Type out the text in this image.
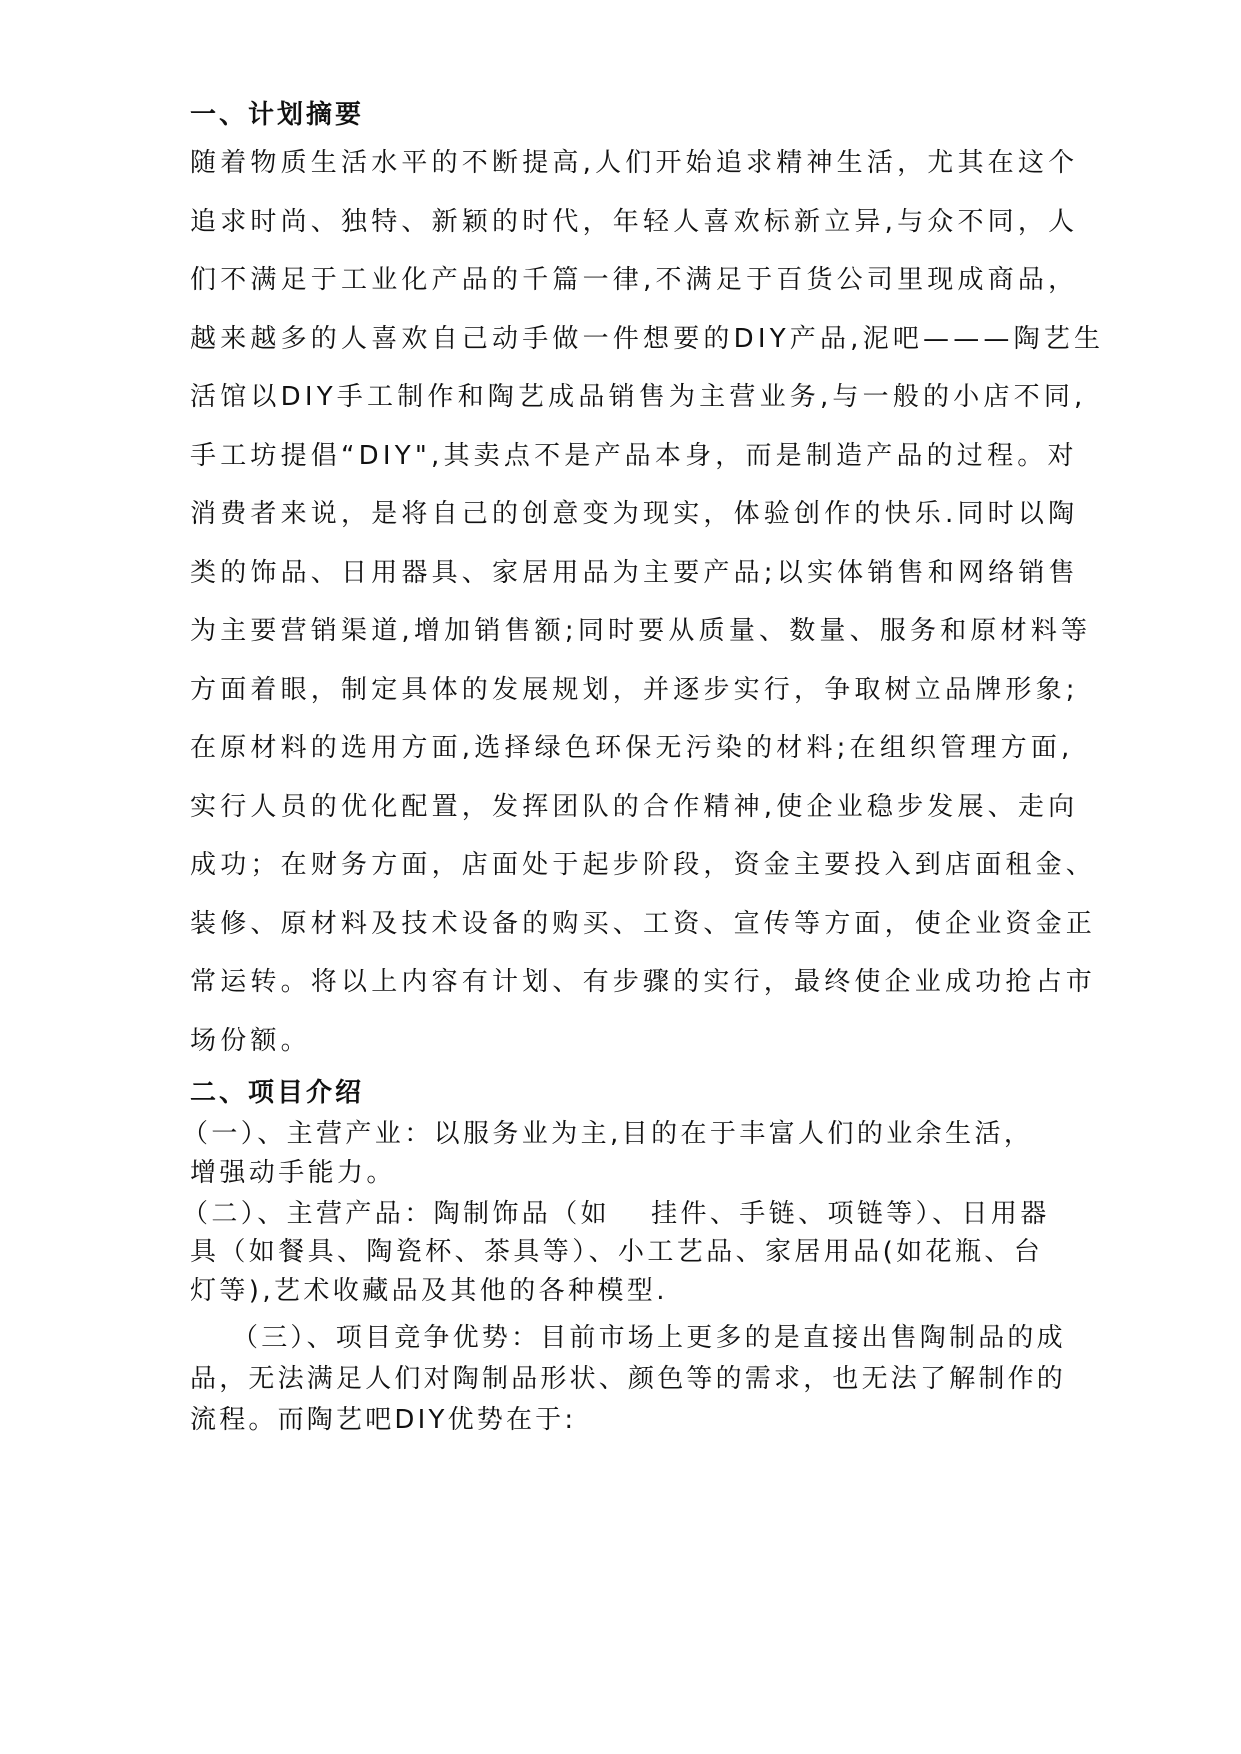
一、计划摘要
随着物质生活水平的不断提高,人们开始追求精神生活，尤其在这个
追求时尚、独特、新颖的时代，年轻人喜欢标新立异,与众不同，人
们不满足于工业化产品的千篇一律,不满足于百货公司里现成商品，
越来越多的人喜欢自己动手做一件想要的DIY产品,泥吧———陶艺生
活馆以DIY手工制作和陶艺成品销售为主营业务,与一般的小店不同,
手工坊提倡“DIY",其卖点不是产品本身，而是制造产品的过程。对
消费者来说，是将自己的创意变为现实，体验创作的快乐.同时以陶
类的饰品、日用器具、家居用品为主要产品;以实体销售和网络销售
为主要营销渠道,增加销售额;同时要从质量、数量、服务和原材料等
方面着眼，制定具体的发展规划，并逐步实行，争取树立品牌形象;
在原材料的选用方面,选择绿色环保无污染的材料;在组织管理方面,
实行人员的优化配置，发挥团队的合作精神,使企业稳步发展、走向
成功；在财务方面，店面处于起步阶段，资金主要投入到店面租金、
装修、原材料及技术设备的购买、工资、宣传等方面，使企业资金正
常运转。将以上内容有计划、有步骤的实行，最终使企业成功抢占市
场份额。
二、项目介绍
（一）、主营产业：以服务业为主,目的在于丰富人们的业余生活，
增强动手能力。
（二）、主营产品：陶制饰品（如　 挂件、手链、项链等）、日用器
具（如餐具、陶瓷杯、茶具等）、小工艺品、家居用品(如花瓶、台
灯等),艺术收藏品及其他的各种模型.
（三）、项目竞争优势：目前市场上更多的是直接出售陶制品的成
品，无法满足人们对陶制品形状、颜色等的需求，也无法了解制作的
流程。而陶艺吧DIY优势在于:
